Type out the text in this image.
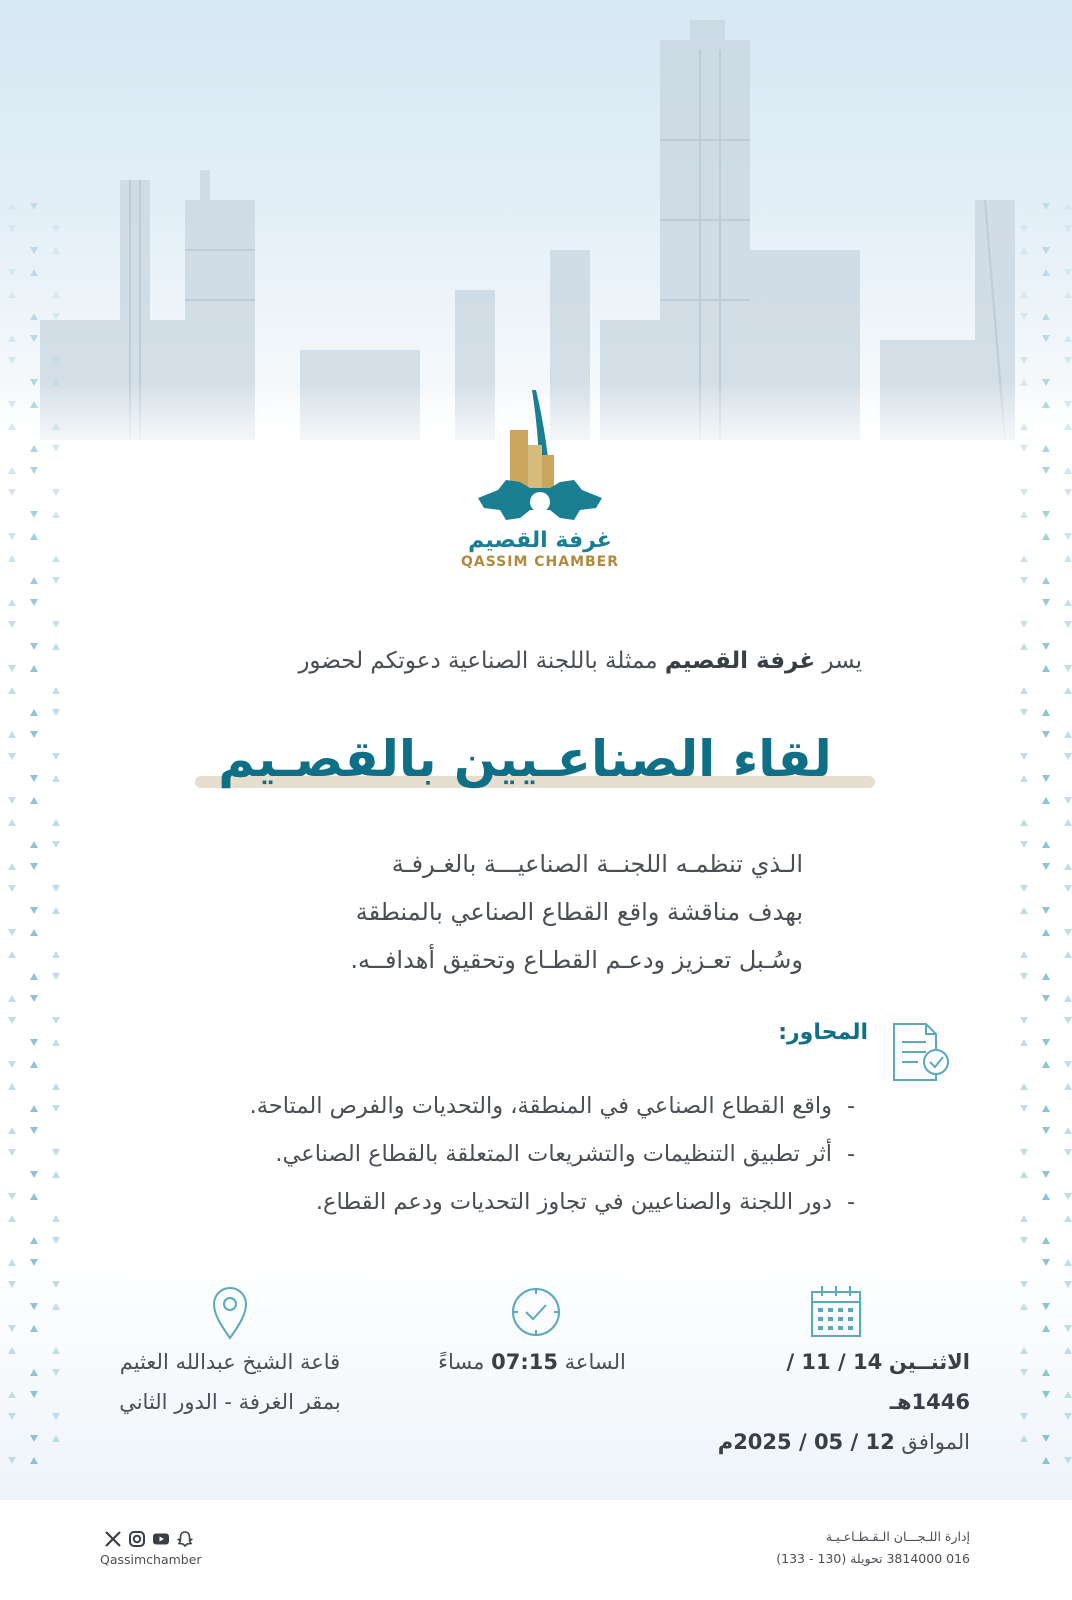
غرفة القصيم
QASSIM CHAMBER
يسر غرفة القصيم ممثلة باللجنة الصناعية دعوتكم لحضور
لقاء الصناعـيين بالقصـيم
الـذي تنظمـه اللجنــة الصناعيـــة بالغـرفـة
بهدف مناقشة واقع القطاع الصناعي بالمنطقة
وسُـبل تعـزيز ودعـم القطـاع وتحقيق أهدافــه.
المحاور:
-واقع القطاع الصناعي في المنطقة، والتحديات والفرص المتاحة.
-أثر تطبيق التنظيمات والتشريعات المتعلقة بالقطاع الصناعي.
-دور اللجنة والصناعيين في تجاوز التحديات ودعم القطاع.
الاثنــين 14 / 11 / 1446هـ
الموافق 12 / 05 / 2025م
الساعة 07:15 مساءً
قاعة الشيخ عبدالله العثيم
بمقر الغرفة - الدور الثاني
Qassimchamber
إدارة اللـجـــان الـقـطـاعـيـة
016 3814000 تحويلة (130 - 133)
